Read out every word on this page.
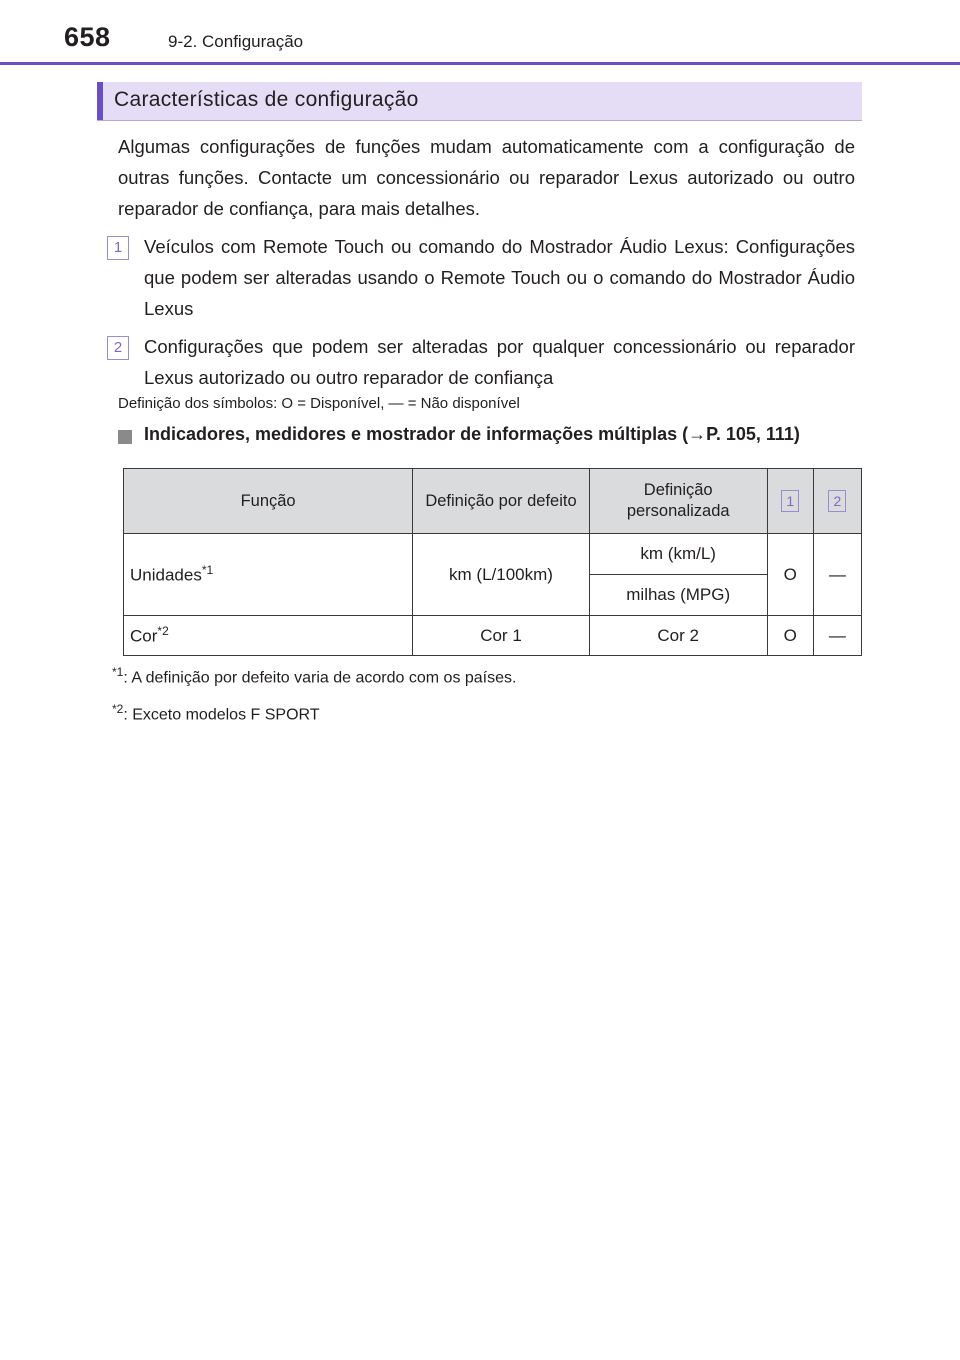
658	9-2. Configuração
Características de configuração
Algumas configurações de funções mudam automaticamente com a configuração de outras funções. Contacte um concessionário ou reparador Lexus autorizado ou outro reparador de confiança, para mais detalhes.
1	Veículos com Remote Touch ou comando do Mostrador Áudio Lexus: Configurações que podem ser alteradas usando o Remote Touch ou o comando do Mostrador Áudio Lexus
2	Configurações que podem ser alteradas por qualquer concessionário ou reparador Lexus autorizado ou outro reparador de confiança
Definição dos símbolos: O = Disponível, — = Não disponível
Indicadores, medidores e mostrador de informações múltiplas (→P. 105, 111)
Função	Definição por defeito	Definição personalizada	1	2
Unidades$^{*1}$	km (L/100km)	km (km/L)	O	—
		milhas (MPG)		
Cor$^{*2}$	Cor 1	Cor 2	O	—
$^{*1}$: A definição por defeito varia de acordo com os países.
$^{*2}$: Exceto modelos F SPORT
